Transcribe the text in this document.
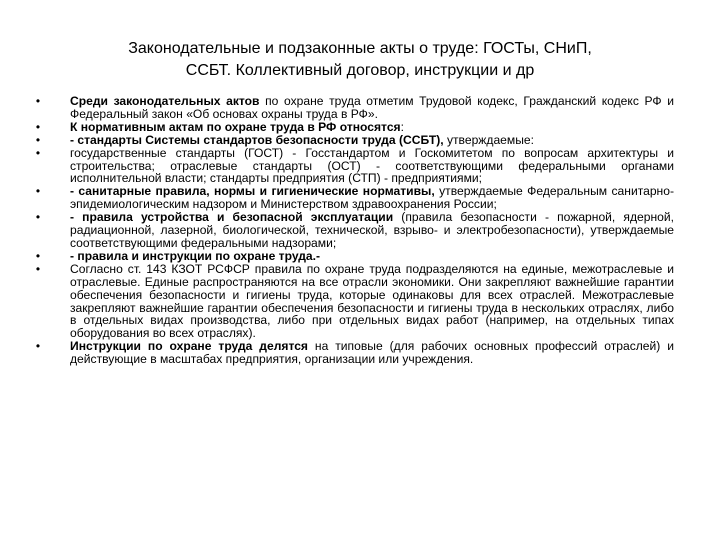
Законодательные и подзаконные акты о труде: ГОСТы, СНиП,
ССБТ. Коллективный договор, инструкции и др
• Среди законодательных актов по охране труда отметим Трудовой кодекс, Гражданский кодекс РФ и Федеральный закон «Об основах охраны труда в РФ».
• К нормативным актам по охране труда в РФ относятся:
• - стандарты Системы стандартов безопасности труда (ССБТ), утверждаемые:
• государственные стандарты (ГОСТ) - Госстандартом и Госкомитетом по вопросам архитектуры и строительства; отраслевые стандарты (ОСТ) - соответствующими федеральными органами исполнительной власти; стандарты предприятия (СТП) - предприятиями;
• - санитарные правила, нормы и гигиенические нормативы, утверждаемые Федеральным санитарно-эпидемиологическим надзором и Министерством здравоохранения России;
• - правила устройства и безопасной эксплуатации (правила безопасности - пожарной, ядерной, радиационной, лазерной, биологической, технической, взрыво- и электробезопасности), утверждаемые соответствующими федеральными надзорами;
• - правила и инструкции по охране труда.-
• Согласно ст. 143 КЗОТ РСФСР правила по охране труда подразделяются на единые, межотраслевые и отраслевые. Единые распространяются на все отрасли экономики. Они закрепляют важнейшие гарантии обеспечения безопасности и гигиены труда, которые одинаковы для всех отраслей. Межотраслевые закрепляют важнейшие гарантии обеспечения безопасности и гигиены труда в нескольких отраслях, либо в отдельных видах производства, либо при отдельных видах работ (например, на отдельных типах оборудования во всех отраслях).
• Инструкции по охране труда делятся на типовые (для рабочих основных профессий отраслей) и действующие в масштабах предприятия, организации или учреждения.
